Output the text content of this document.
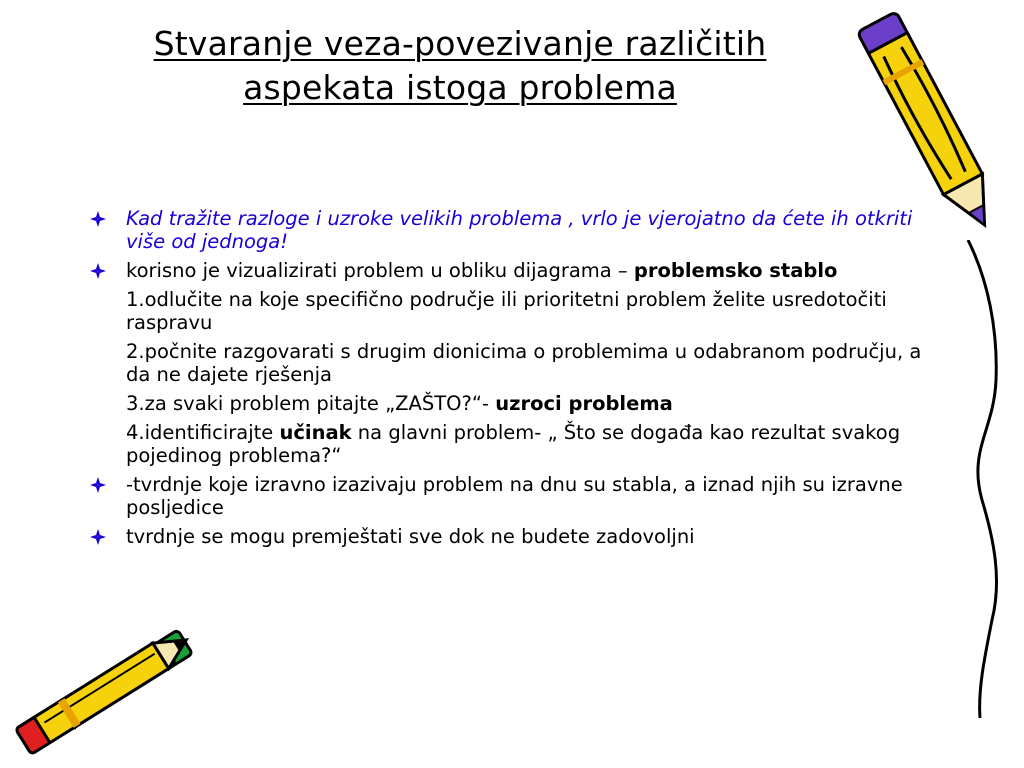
Stvaranje veza-povezivanje različitih
aspekata istoga problema
Kad tražite razloge i uzroke velikih problema , vrlo je vjerojatno da ćete ih otkriti više od jednoga!
korisno je vizualizirati problem u obliku dijagrama – problemsko stablo
1.odlučite na koje specifično područje ili prioritetni problem želite usredotočiti raspravu
2.počnite razgovarati s drugim dionicima o problemima u odabranom području, a da ne dajete rješenja
3.za svaki problem pitajte „ZAŠTO?“- uzroci problema
4.identificirajte učinak na glavni problem- „ Što se događa kao rezultat svakog pojedinog problema?“
-tvrdnje koje izravno izazivaju problem na dnu su stabla, a iznad njih su izravne posljedice
tvrdnje se mogu premještati sve dok ne budete zadovoljni
